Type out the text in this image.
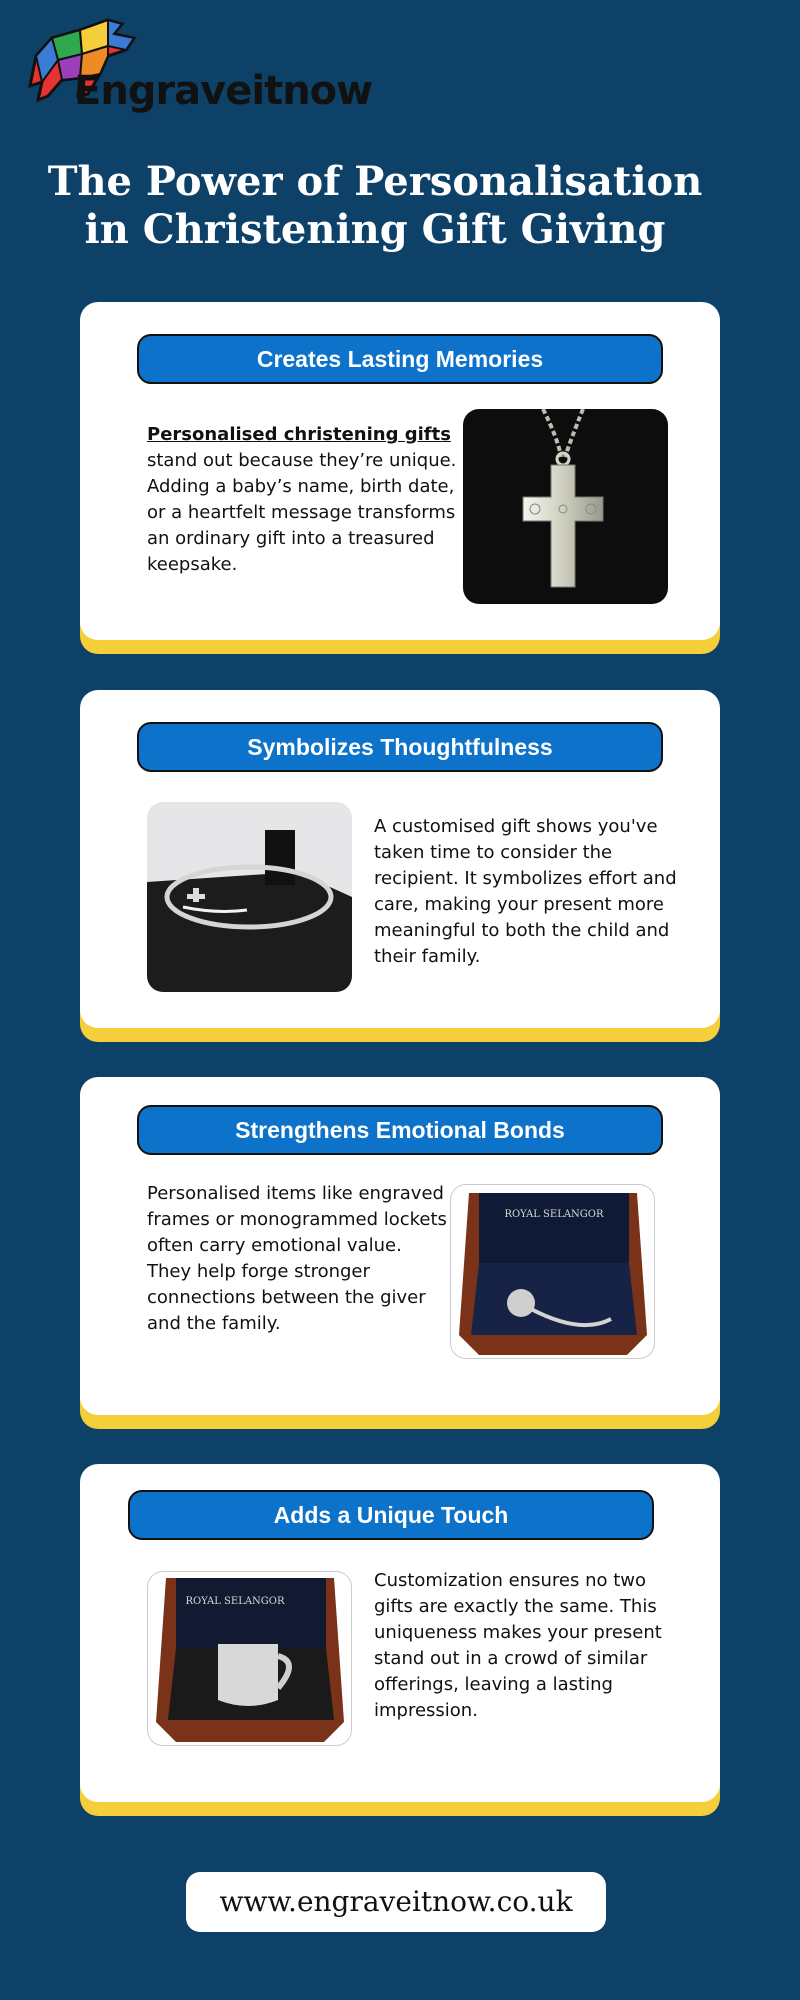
Engraveitnow
The Power of Personalisation in Christening Gift Giving
Creates Lasting Memories

Personalised christening gifts stand out because they’re unique. Adding a baby’s name, birth date, or a heartfelt message transforms an ordinary gift into a treasured keepsake.

Symbolizes Thoughtfulness

A customised gift shows you've taken time to consider the recipient. It symbolizes effort and care, making your present more meaningful to both the child and their family.

Strengthens Emotional Bonds

Personalised items like engraved frames or monogrammed lockets often carry emotional value. They help forge stronger connections between the giver and the family.

ROYAL SELANGOR
Adds a Unique Touch
ROYAL SELANGOR

Customization ensures no two gifts are exactly the same. This uniqueness makes your present stand out in a crowd of similar offerings, leaving a lasting impression.

www.engraveitnow.co.uk
